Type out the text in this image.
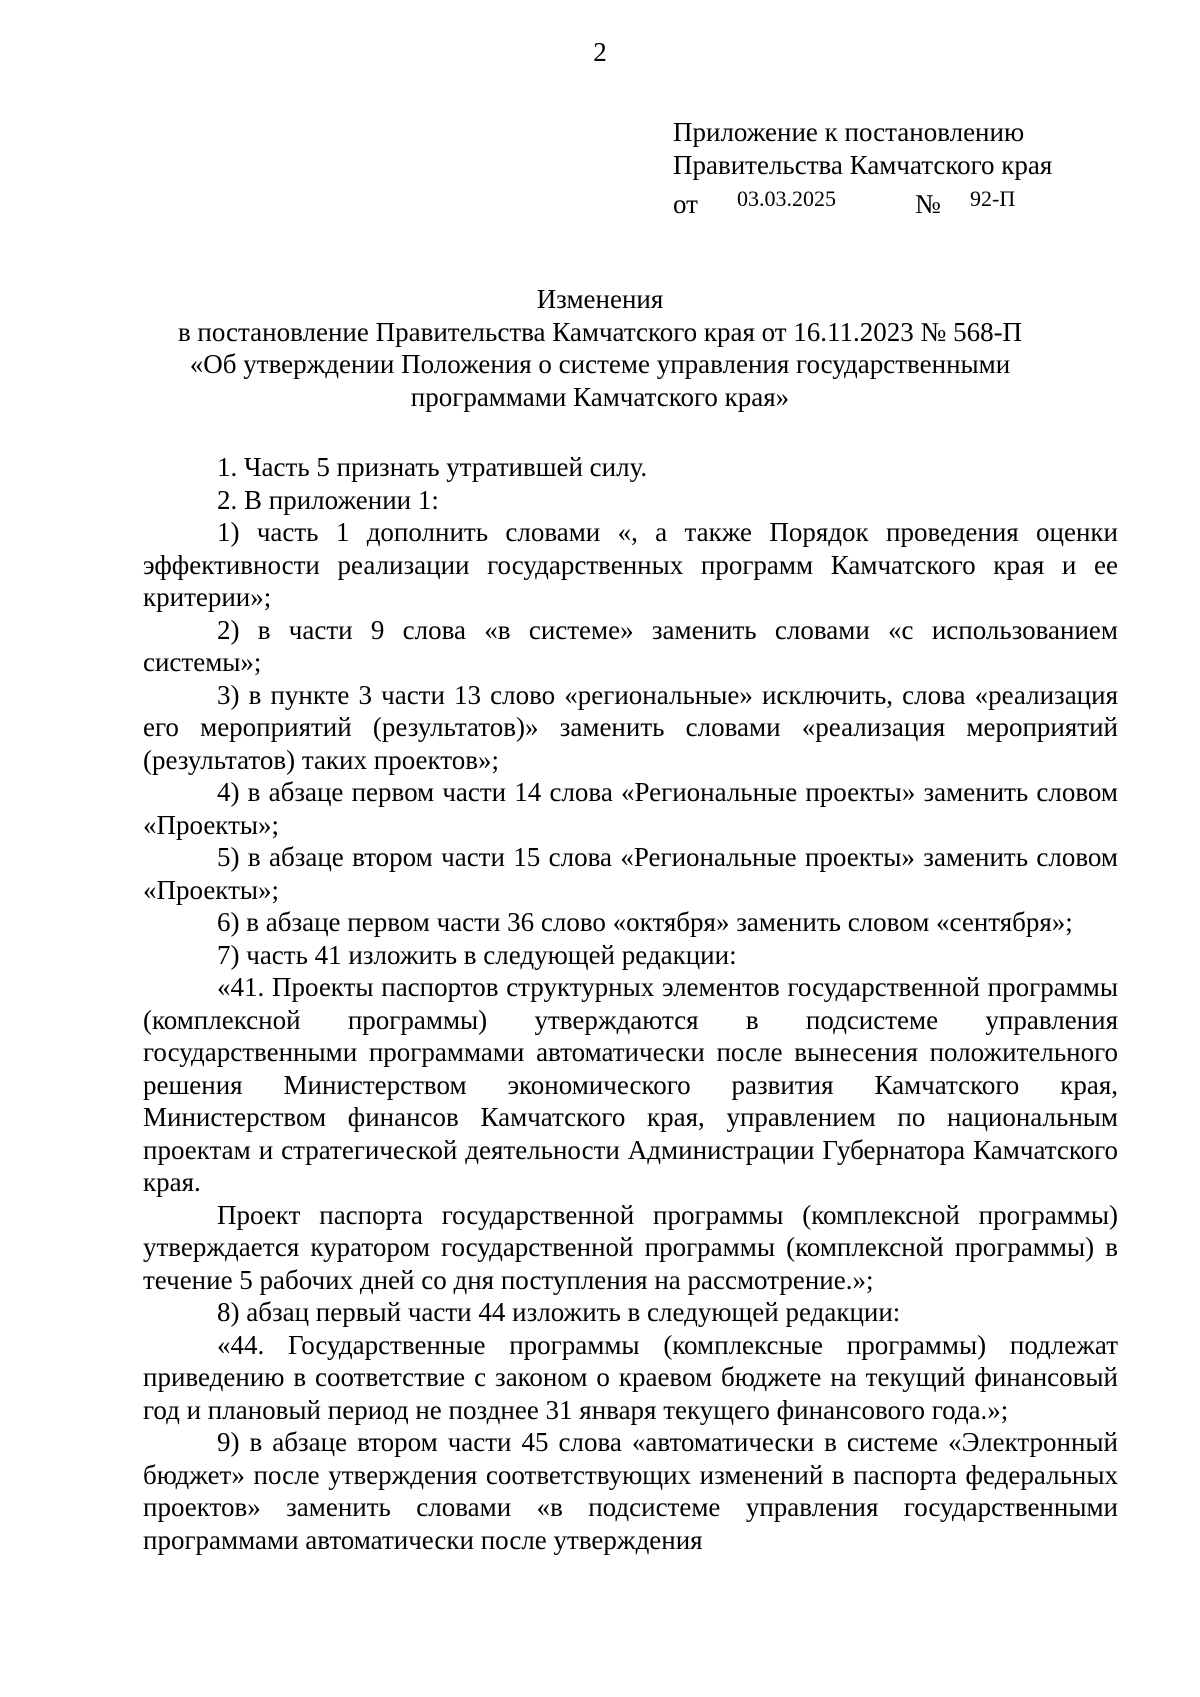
2
Приложение к постановлению
Правительства Камчатского края
от 03.03.2025	№ 92-П
Изменения
в постановление Правительства Камчатского края от 16.11.2023 № 568-П
«Об утверждении Положения о системе управления государственными
программами Камчатского края»

1. Часть 5 признать утратившей силу.

2. В приложении 1:

1) часть 1 дополнить словами «, а также Порядок проведения оценки эффективности реализации государственных программ Камчатского края и ее критерии»;

2) в части 9 слова «в системе» заменить словами «с использованием системы»;

3) в пункте 3 части 13 слово «региональные» исключить, слова «реализация его мероприятий (результатов)» заменить словами «реализация мероприятий (результатов) таких проектов»;

4) в абзаце первом части 14 слова «Региональные проекты» заменить словом «Проекты»;

5) в абзаце втором части 15 слова «Региональные проекты» заменить словом «Проекты»;

6) в абзаце первом части 36 слово «октября» заменить словом «сентября»;

7) часть 41 изложить в следующей редакции:

«41. Проекты паспортов структурных элементов государственной программы (комплексной программы) утверждаются в подсистеме управления государственными программами автоматически после вынесения положительного решения Министерством экономического развития Камчатского края, Министерством финансов Камчатского края, управлением по национальным проектам и стратегической деятельности Администрации Губернатора Камчатского края.

Проект паспорта государственной программы (комплексной программы) утверждается куратором государственной программы (комплексной программы) в течение 5 рабочих дней со дня поступления на рассмотрение.»;

8) абзац первый части 44 изложить в следующей редакции:

«44. Государственные программы (комплексные программы) подлежат приведению в соответствие с законом о краевом бюджете на текущий финансовый год и плановый период не позднее 31 января текущего финансового года.»;

9) в абзаце втором части 45 слова «автоматически в системе «Электронный бюджет» после утверждения соответствующих изменений в паспорта федеральных проектов» заменить словами «в подсистеме управления государственными программами автоматически после утверждения
